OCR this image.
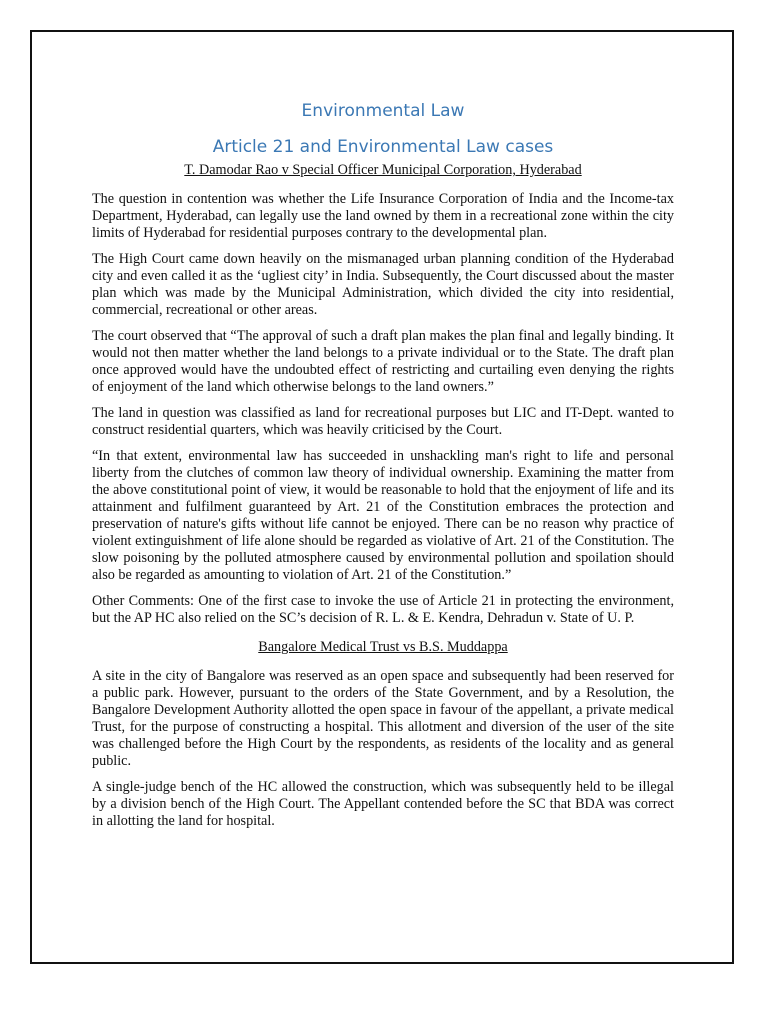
Environmental Law
Article 21 and Environmental Law cases
T. Damodar Rao v Special Officer Municipal Corporation, Hyderabad

The question in contention was whether the Life Insurance Corporation of India and the Income-tax Department, Hyderabad, can legally use the land owned by them in a recreational zone within the city limits of Hyderabad for residential purposes contrary to the developmental plan.

The High Court came down heavily on the mismanaged urban planning condition of the Hyderabad city and even called it as the ‘ugliest city’ in India. Subsequently, the Court discussed about the master plan which was made by the Municipal Administration, which divided the city into residential, commercial, recreational or other areas.

The court observed that “The approval of such a draft plan makes the plan final and legally binding. It would not then matter whether the land belongs to a private individual or to the State. The draft plan once approved would have the undoubted effect of restricting and curtailing even denying the rights of enjoyment of the land which otherwise belongs to the land owners.”

The land in question was classified as land for recreational purposes but LIC and IT-Dept. wanted to construct residential quarters, which was heavily criticised by the Court.

“In that extent, environmental law has succeeded in unshackling man's right to life and personal liberty from the clutches of common law theory of individual ownership. Examining the matter from the above constitutional point of view, it would be reasonable to hold that the enjoyment of life and its attainment and fulfilment guaranteed by Art. 21 of the Constitution embraces the protection and preservation of nature's gifts without life cannot be enjoyed. There can be no reason why practice of violent extinguishment of life alone should be regarded as violative of Art. 21 of the Constitution. The slow poisoning by the polluted atmosphere caused by environmental pollution and spoilation should also be regarded as amounting to violation of Art. 21 of the Constitution.”

Other Comments: One of the first case to invoke the use of Article 21 in protecting the environment, but the AP HC also relied on the SC’s decision of R. L. & E. Kendra, Dehradun v. State of U. P.

Bangalore Medical Trust vs B.S. Muddappa

A site in the city of Bangalore was reserved as an open space and subsequently had been reserved for a public park. However, pursuant to the orders of the State Government, and by a Resolution, the Bangalore Development Authority allotted the open space in favour of the appellant, a private medical Trust, for the purpose of constructing a hospital. This allotment and diversion of the user of the site was challenged before the High Court by the respondents, as residents of the locality and as general public.

A single-judge bench of the HC allowed the construction, which was subsequently held to be illegal by a division bench of the High Court. The Appellant contended before the SC that BDA was correct in allotting the land for hospital.
